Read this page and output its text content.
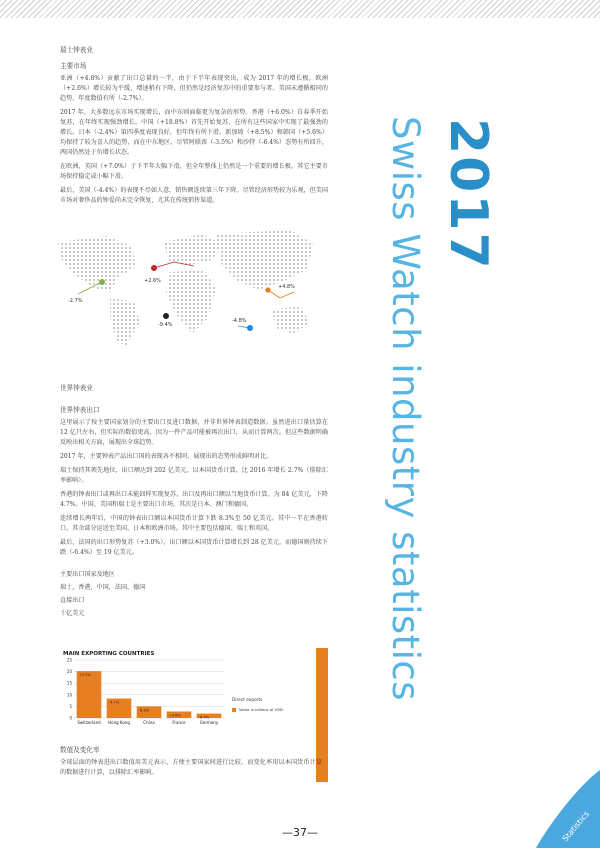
瑞士钟表业

主要市场

亚洲（+4.8%）贡献了出口总量的一半，由于下半年表现突出，成为 2017 年的增长极。欧洲（+2.6%）增长较为平缓，增速稍有下降，但仍然是经济复苏中的重要参与者。美国未遵循相同的趋势，年度数值有所（-2.7%）。

2017 年，大多数远东市场实现增长，而中东则面临更为复杂的形势。香港（+6.0%）自春季开始复苏，在年终实现强劲增长。中国（+18.8%）首先开始复苏，在所有这些国家中实现了最强劲的增长。日本（-2.4%）第四季度表现良好，但年终有所下滑。新加坡（+8.5%）和韩国（+5.6%）均保持了较为喜人的趋势，而在中东地区，尽管阿联酋（-3.5%）和沙特（-6.4%）态势有所回升，两国仍然处于负增长状态。

在欧洲，英国（+7.0%）于下半年大幅下滑，但全年整体上仍然是一个重要的增长极。其它主要市场保持稳定或小幅下滑。

最后，美国（-4.4%）的表现不尽如人意，销售额连续第三年下降。尽管经济形势较为乐观，但美国市场对奢侈品的钟爱尚未完全恢复，尤其在传统销售渠道。

-2.7%
+2.6%
-9.4%
+4.8%
-4.8%

世界钟表业

世界钟表出口

这里展示了按主要国家划分的主要出口及进口数据，并非世界钟表制造数据。虽然进出口量估算在 12 亿只左右，但实际的数值更高，因为一件产品可能被再次出口，从而计算两次。但这些数据明确反映出相关方面，展现出全球趋势。

2017 年，主要钟表产品出口国的表现各不相同，展现出的态势形成鲜明对比。

瑞士保持其领先地位，出口额达到 202 亿美元，以本国货币计算，比 2016 年增长 2.7%（排除汇率影响）。

香港的钟表出口或再出口未能回样实现复苏。出口及再出口额以当地货币计算，为 84 亿美元，下降 4.7%。中国、美国和瑞士是主要出口市场，其次是日本、澳门和德国。

连续增长两年后，中国的钟表出口额以本国货币计算下跌 8.3%至 50 亿美元。其中一半在香港转口。其余部分运送至美国、日本和欧洲市场。其中主要包括德国、瑞士和英国。

最后，法国的出口形势复苏（+3.0%），出口额以本国货币计算增长到 28 亿美元，而德国则持续下跌（-6.4%）至 19 亿美元。

主要出口国家及地区

瑞士，香港，中国，法国，德国

直接出口

十亿美元

MAIN EXPORTING COUNTRIES
0
5
10
15
20
25
+2.7%
Switzerland
-4.7%
Hong Kong
-8.3%
China
+3.0%
France
-6.4%
Germany
Direct exports
Value in billions of USD

数值及变化率

全球层面的钟表进出口数值用美元表示，方便主要国家间进行比较。而变化率用以本国货币计算的数据进行计算，以排除汇率影响。

2017
Swiss Watch industry statistics
—37—	Statistics
